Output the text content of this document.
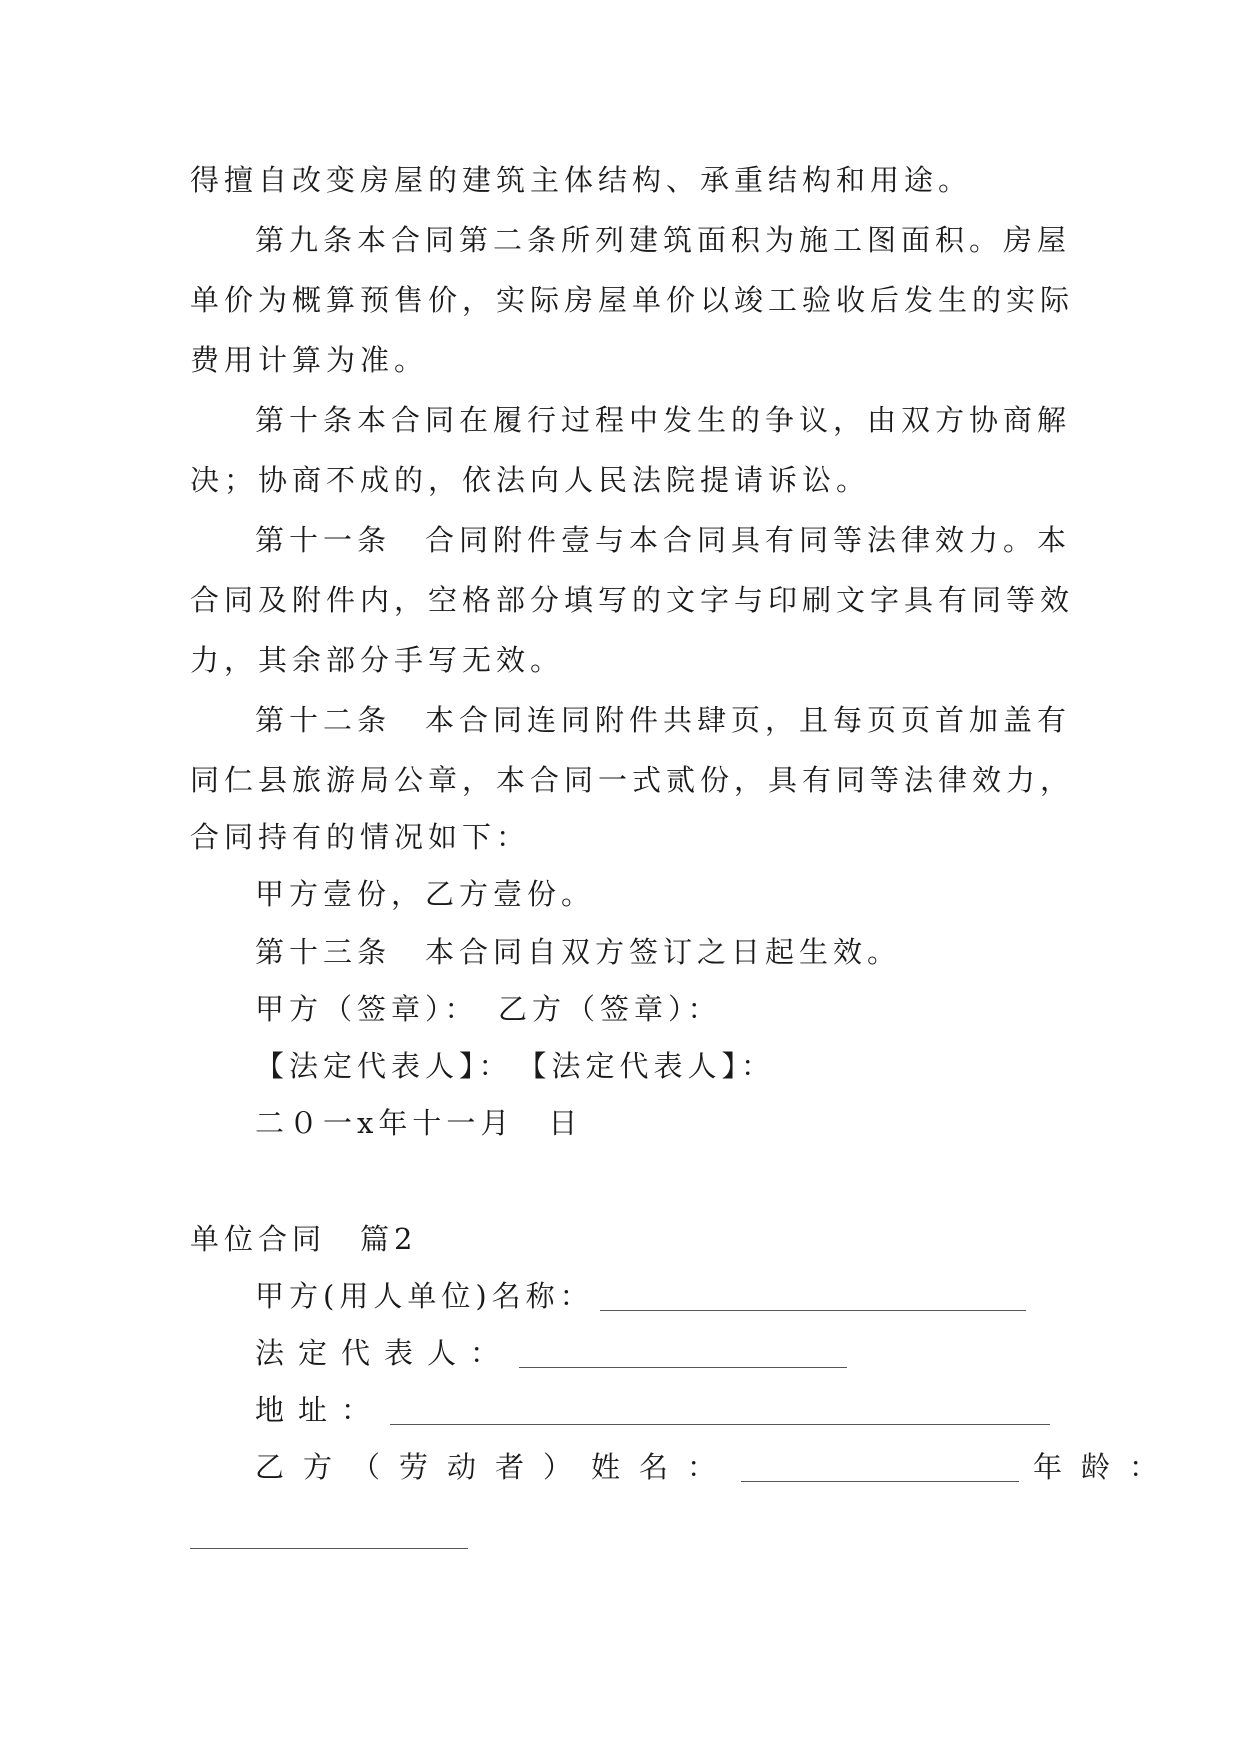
得擅自改变房屋的建筑主体结构、承重结构和用途。
第九条本合同第二条所列建筑面积为施工图面积。房屋
单价为概算预售价，实际房屋单价以竣工验收后发生的实际
费用计算为准。
第十条本合同在履行过程中发生的争议，由双方协商解
决；协商不成的，依法向人民法院提请诉讼。
第十一条　合同附件壹与本合同具有同等法律效力。本
合同及附件内，空格部分填写的文字与印刷文字具有同等效
力，其余部分手写无效。
第十二条　本合同连同附件共肆页，且每页页首加盖有
同仁县旅游局公章，本合同一式贰份，具有同等法律效力，
合同持有的情况如下：
甲方壹份，乙方壹份。
第十三条　本合同自双方签订之日起生效。
甲方（签章）：　乙方（签章）：
【法定代表人】：　【法定代表人】：
二０一x年十一月　日
单位合同　篇2
甲方(用人单位)名称：
法定代表人：
地址：
乙方（劳动者）姓名：	年龄：
